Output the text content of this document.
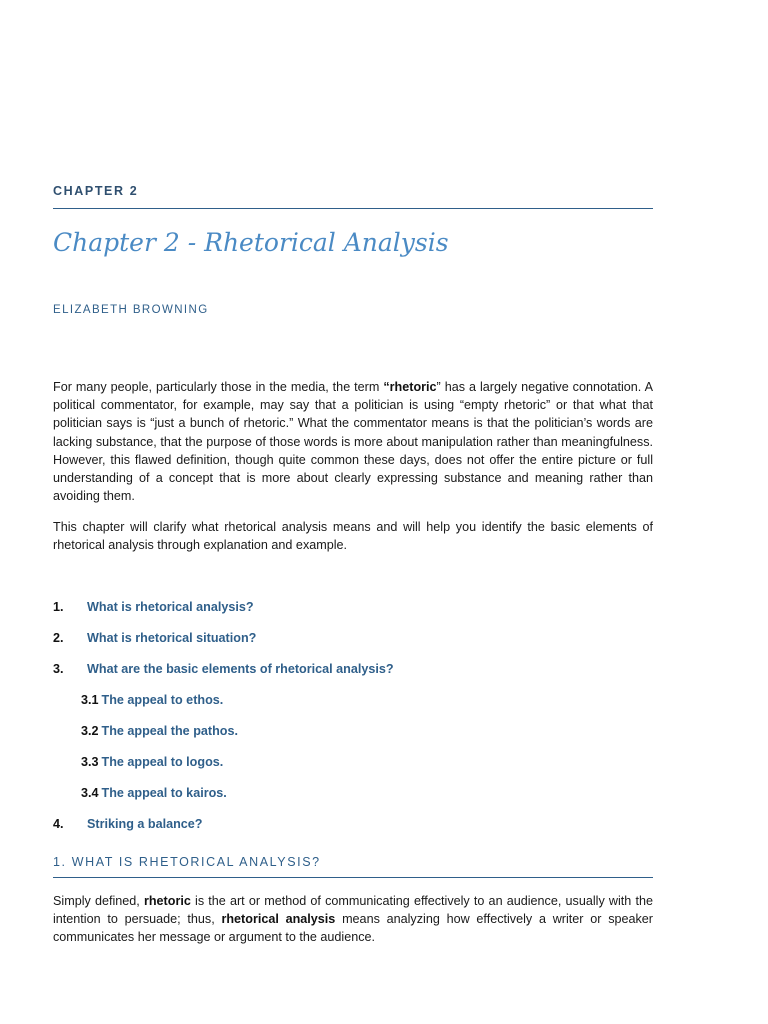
CHAPTER 2
Chapter 2 - Rhetorical Analysis
ELIZABETH BROWNING

For many people, particularly those in the media, the term “rhetoric” has a largely negative connotation. A political commentator, for example, may say that a politician is using “empty rhetoric” or that what that politician says is “just a bunch of rhetoric.” What the commentator means is that the politician’s words are lacking substance, that the purpose of those words is more about manipulation rather than meaningfulness. However, this flawed definition, though quite common these days, does not offer the entire picture or full understanding of a concept that is more about clearly expressing substance and meaning rather than avoiding them.

This chapter will clarify what rhetorical analysis means and will help you identify the basic elements of rhetorical analysis through explanation and example.

1. What is rhetorical analysis?
2. What is rhetorical situation?
3. What are the basic elements of rhetorical analysis?
3.1 The appeal to ethos.
3.2 The appeal the pathos.
3.3 The appeal to logos.
3.4 The appeal to kairos.
4. Striking a balance?
1. WHAT IS RHETORICAL ANALYSIS?

Simply defined, rhetoric is the art or method of communicating effectively to an audience, usually with the intention to persuade; thus, rhetorical analysis means analyzing how effectively a writer or speaker communicates her message or argument to the audience.
